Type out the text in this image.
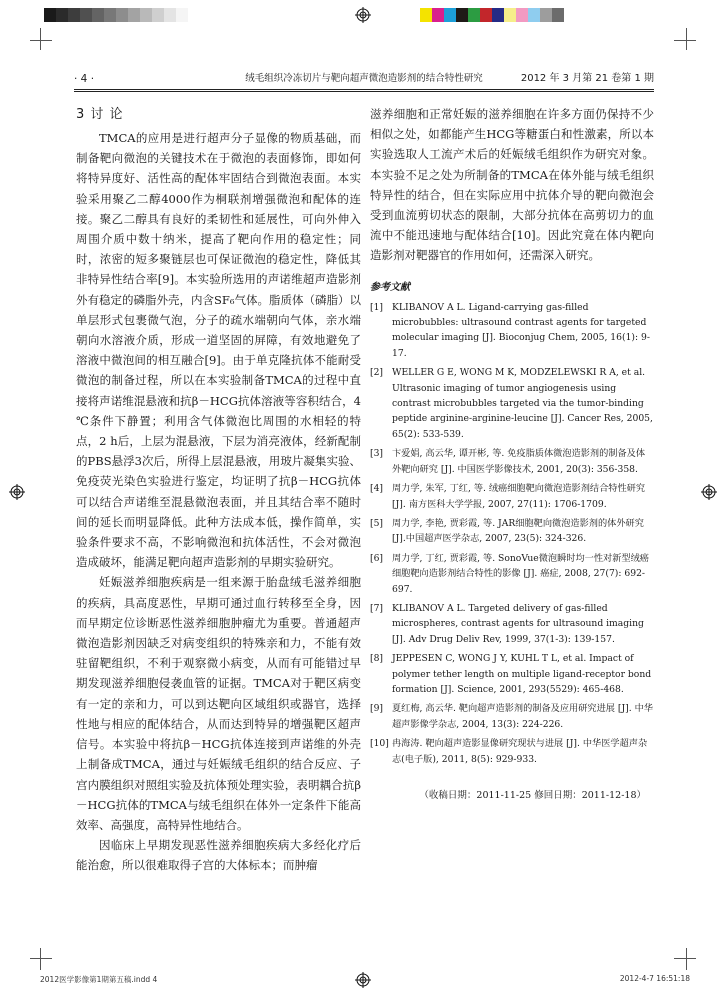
· 4 ·	绒毛组织冷冻切片与靶向超声微泡造影剂的结合特性研究	2012 年 3 月第 21 卷第 1 期
3 讨 论

TMCA的应用是进行超声分子显像的物质基础，而制备靶向微泡的关键技术在于微泡的表面修饰，即如何将特异度好、活性高的配体牢固结合到微泡表面。本实验采用聚乙二醇4000作为桐联剂增强微泡和配体的连接。聚乙二醇具有良好的柔韧性和延展性，可向外伸入周围介质中数十纳米，提高了靶向作用的稳定性；同时，浓密的短多聚链层也可保证微泡的稳定性，降低其非特异性结合率[9]。本实验所选用的声诺维超声造影剂外有稳定的磷脂外壳，内含SF₆气体。脂质体（磷脂）以单层形式包裹微气泡，分子的疏水端朝向气体，亲水端朝向水溶液介质，形成一道坚固的屏障，有效地避免了溶液中微泡间的相互融合[9]。由于单克隆抗体不能耐受微泡的制备过程，所以在本实验制备TMCA的过程中直接将声诺维混悬液和抗β－HCG抗体溶液等容积结合，4 ℃条件下静置；利用含气体微泡比周围的水相轻的特点，2 h后，上层为混悬液，下层为消亮液体，经新配制的PBS悬浮3次后，所得上层混悬液，用玻片凝集实验、免疫荧光染色实验进行鉴定，均证明了抗β－HCG抗体可以结合声诺维至混悬微泡表面，并且其结合率不随时间的延长而明显降低。此种方法成本低，操作简单，实验条件要求不高，不影响微泡和抗体活性，不会对微泡造成破坏，能满足靶向超声造影剂的早期实验研究。

妊娠滋养细胞疾病是一组来源于胎盘绒毛滋养细胞的疾病，具高度恶性，早期可通过血行转移至全身，因而早期定位诊断恶性滋养细胞肿瘤尤为重要。普通超声微泡造影剂因缺乏对病变组织的特殊亲和力，不能有效驻留靶组织，不利于观察微小病变，从而有可能错过早期发现滋养细胞侵袭血管的证据。TMCA对于靶区病变有一定的亲和力，可以到达靶向区域组织或器官，选择性地与相应的配体结合，从而达到特异的增强靶区超声信号。本实验中将抗β－HCG抗体连接到声诺维的外壳上制备成TMCA，通过与妊娠绒毛组织的结合反应、子宫内膜组织对照组实验及抗体预处理实验，表明耦合抗β－HCG抗体的TMCA与绒毛组织在体外一定条件下能高效率、高强度，高特异性地结合。

因临床上早期发现恶性滋养细胞疾病大多经化疗后能治愈，所以很难取得子宫的大体标本；而肿瘤

滋养细胞和正常妊娠的滋养细胞在许多方面仍保持不少相似之处，如都能产生HCG等糖蛋白和性激素，所以本实验选取人工流产术后的妊娠绒毛组织作为研究对象。本实验不足之处为所制备的TMCA在体外能与绒毛组织特异性的结合，但在实际应用中抗体介导的靶向微泡会受到血流剪切状态的限制，大部分抗体在高剪切力的血流中不能迅速地与配体结合[10]。因此究竟在体内靶向造影剂对靶器官的作用如何，还需深入研究。

参考文献
[1] KLIBANOV A L. Ligand-carrying gas-filled microbubbles: ultrasound contrast agents for targeted molecular imaging [J]. Bioconjug Chem, 2005, 16(1): 9-17.
[2] WELLER G E, WONG M K, MODZELEWSKI R A, et al. Ultrasonic imaging of tumor angiogenesis using contrast microbubbles targeted via the tumor-binding peptide arginine-arginine-leucine [J]. Cancer Res, 2005, 65(2): 533-539.
[3] 卞爱娟, 高云华, 谭开彬, 等. 免疫脂质体微泡造影剂的制备及体外靶向研究 [J]. 中国医学影像技术, 2001, 20(3): 356-358.
[4] 周力学, 朱军, 丁红, 等. 绒癌细胞靶向微泡造影剂结合特性研究 [J]. 南方医科大学学报, 2007, 27(11): 1706-1709.
[5] 周力学, 李艳, 贾彩霞, 等. JAR细胞靶向微泡造影剂的体外研究 [J].中国超声医学杂志, 2007, 23(5): 324-326.
[6] 周力学, 丁红, 贾彩霞, 等. SonoVue微泡瞬时均一性对新型绒癌细胞靶向造影剂结合特性的影像 [J]. 癌症, 2008, 27(7): 692-697.
[7] KLIBANOV A L. Targeted delivery of gas-filled microspheres, contrast agents for ultrasound imaging [J]. Adv Drug Deliv Rev, 1999, 37(1-3): 139-157.
[8] JEPPESEN C, WONG J Y, KUHL T L, et al. Impact of polymer tether length on multiple ligand-receptor bond formation [J]. Science, 2001, 293(5529): 465-468.
[9] 夏红梅, 高云华. 靶向超声造影剂的制备及应用研究进展 [J]. 中华超声影像学杂志, 2004, 13(3): 224-226.
[10] 冉海涛. 靶向超声造影显像研究现状与进展 [J]. 中华医学超声杂志(电子版), 2011, 8(5): 929-933.
（收稿日期：2011-11-25 修回日期：2011-12-18）
2012医学影像第1期第五稿.indd 4	2012-4-7 16:51:18
